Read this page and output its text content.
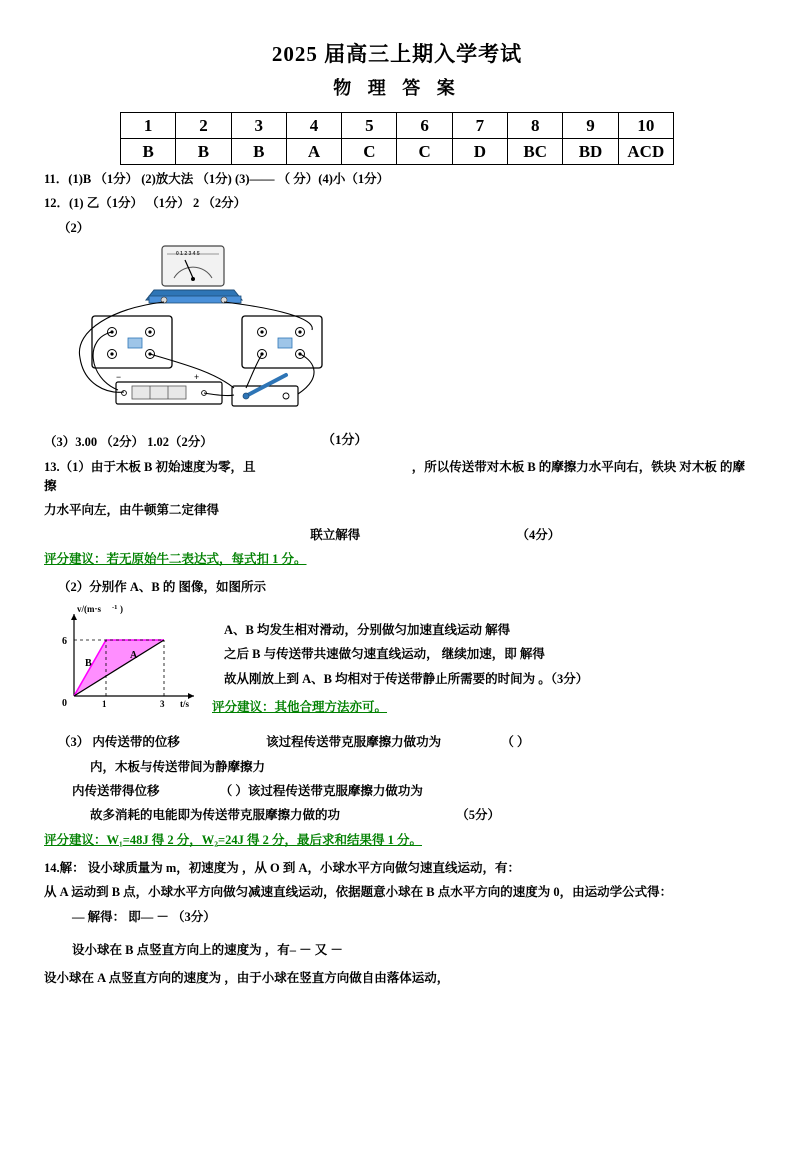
2025 届高三上期入学考试
物 理 答 案
1	2	3	4	5	6	7	8	9	10
B	B	B	A	C	C	D	BC	BD	ACD
11．(1)B （1分） (2)放大法 （1分) (3)—— （ 分）(4)小（1分）
12．(1) 乙（1分） （1分） 2 （2分）
（2）
0 1 2 3 4 5
−	+
（1分）
（3）3.00 （2分） 1.02（2分）
13.（1）由于木板 B 初始速度为零，且	，所以传送带对木板 B 的摩擦力水平向右，铁块 对木板 的摩擦
力水平向左，由牛顿第二定律得
联立解得	（4分）
评分建议：若无原始牛二表达式，每式扣 1 分。
（2）分别作 A、B 的 图像，如图所示
v/(m·s -1 )
6
0	1	3 t/s
A
B
A、B 均发生相对滑动，分别做匀加速直线运动 解得
之后 B 与传送带共速做匀速直线运动， 继续加速，即 解得
故从刚放上到 A、B 均相对于传送带静止所需要的时间为 。（3分）
评分建议：其他合理方法亦可。
（3） 内传送带的位移	该过程传送带克服摩擦力做功为	（ ）
内，木板与传送带间为静摩擦力
内传送带得位移	（ ）该过程传送带克服摩擦力做功为
故多消耗的电能即为传送带克服摩擦力做的功	（5分）
评分建议：W₁=48J 得 2 分，W₂=24J 得 2 分，最后求和结果得 1 分。
14.解： 设小球质量为 m，初速度为 ，从 O 到 A，小球水平方向做匀速直线运动，有：
从 A 运动到 B 点，小球水平方向做匀减速直线运动，依据题意小球在 B 点水平方向的速度为 0，由运动学公式得：
— 解得： 即— － （3分）
设小球在 B 点竖直方向上的速度为 ，有– － 又 －
设小球在 A 点竖直方向的速度为 ，由于小球在竖直方向做自由落体运动，
